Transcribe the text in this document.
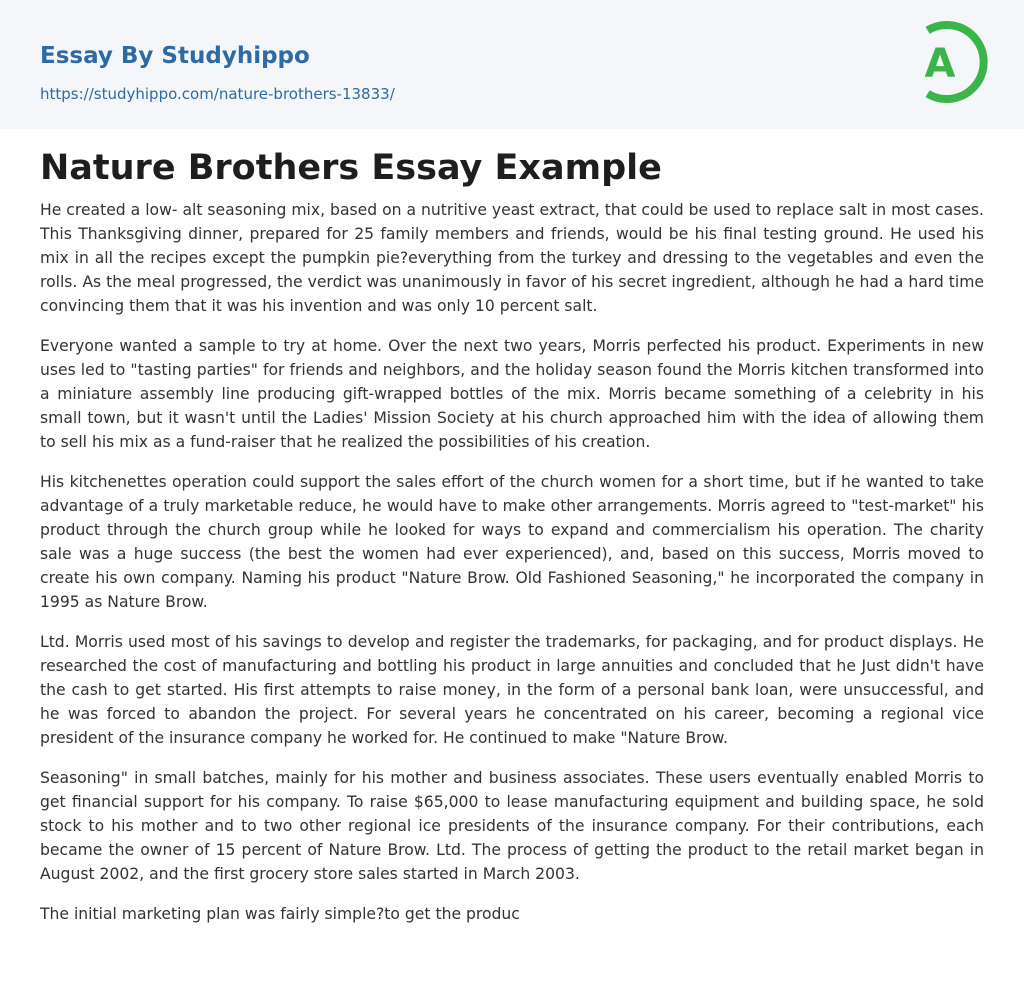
Essay By Studyhippo
https://studyhippo.com/nature-brothers-13833/
A
Nature Brothers Essay Example

He created a low- alt seasoning mix, based on a nutritive yeast extract, that could be used to replace salt in most cases. This Thanksgiving dinner, prepared for 25 family members and friends, would be his final testing ground. He used his mix in all the recipes except the pumpkin pie?everything from the turkey and dressing to the vegetables and even the rolls. As the meal progressed, the verdict was unanimously in favor of his secret ingredient, although he had a hard time convincing them that it was his invention and was only 10 percent salt.

Everyone wanted a sample to try at home. Over the next two years, Morris perfected his product. Experiments in new uses led to "tasting parties" for friends and neighbors, and the holiday season found the Morris kitchen transformed into a miniature assembly line producing gift-wrapped bottles of the mix. Morris became something of a celebrity in his small town, but it wasn't until the Ladies' Mission Society at his church approached him with the idea of allowing them to sell his mix as a fund-raiser that he realized the possibilities of his creation.

His kitchenettes operation could support the sales effort of the church women for a short time, but if he wanted to take advantage of a truly marketable reduce, he would have to make other arrangements. Morris agreed to "test-market" his product through the church group while he looked for ways to expand and commercialism his operation. The charity sale was a huge success (the best the women had ever experienced), and, based on this success, Morris moved to create his own company. Naming his product "Nature Brow. Old Fashioned Seasoning," he incorporated the company in 1995 as Nature Brow.

Ltd. Morris used most of his savings to develop and register the trademarks, for packaging, and for product displays. He researched the cost of manufacturing and bottling his product in large annuities and concluded that he Just didn't have the cash to get started. His first attempts to raise money, in the form of a personal bank loan, were unsuccessful, and he was forced to abandon the project. For several years he concentrated on his career, becoming a regional vice president of the insurance company he worked for. He continued to make "Nature Brow.

Seasoning" in small batches, mainly for his mother and business associates. These users eventually enabled Morris to get financial support for his company. To raise $65,000 to lease manufacturing equipment and building space, he sold stock to his mother and to two other regional ice presidents of the insurance company. For their contributions, each became the owner of 15 percent of Nature Brow. Ltd. The process of getting the product to the retail market began in August 2002, and the first grocery store sales started in March 2003.

The initial marketing plan was fairly simple?to get the produc
